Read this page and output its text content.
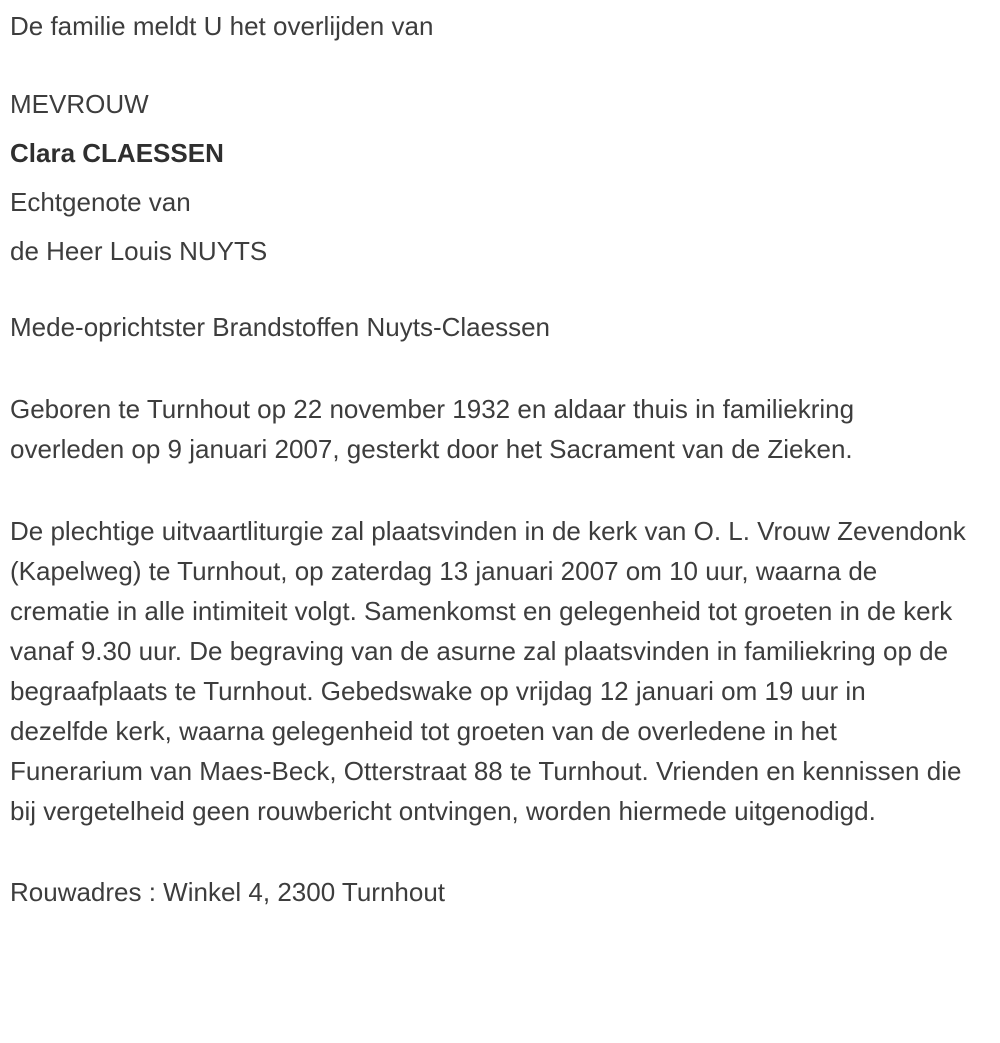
De familie meldt U het overlijden van

MEVROUW

Clara CLAESSEN

Echtgenote van

de Heer Louis NUYTS

Mede-oprichtster Brandstoffen Nuyts-Claessen

Geboren te Turnhout op 22 november 1932 en aldaar thuis in familiekring overleden op 9 januari 2007, gesterkt door het Sacrament van de Zieken.

De plechtige uitvaartliturgie zal plaatsvinden in de kerk van O. L. Vrouw Zevendonk (Kapelweg) te Turnhout, op zaterdag 13 januari 2007 om 10 uur, waarna de crematie in alle intimiteit volgt. Samenkomst en gelegenheid tot groeten in de kerk vanaf 9.30 uur. De begraving van de asurne zal plaatsvinden in familiekring op de begraafplaats te Turnhout. Gebedswake op vrijdag 12 januari om 19 uur in dezelfde kerk, waarna gelegenheid tot groeten van de overledene in het Funerarium van Maes-Beck, Otterstraat 88 te Turnhout. Vrienden en kennissen die bij vergetelheid geen rouwbericht ontvingen, worden hiermede uitgenodigd.

Rouwadres : Winkel 4, 2300 Turnhout
